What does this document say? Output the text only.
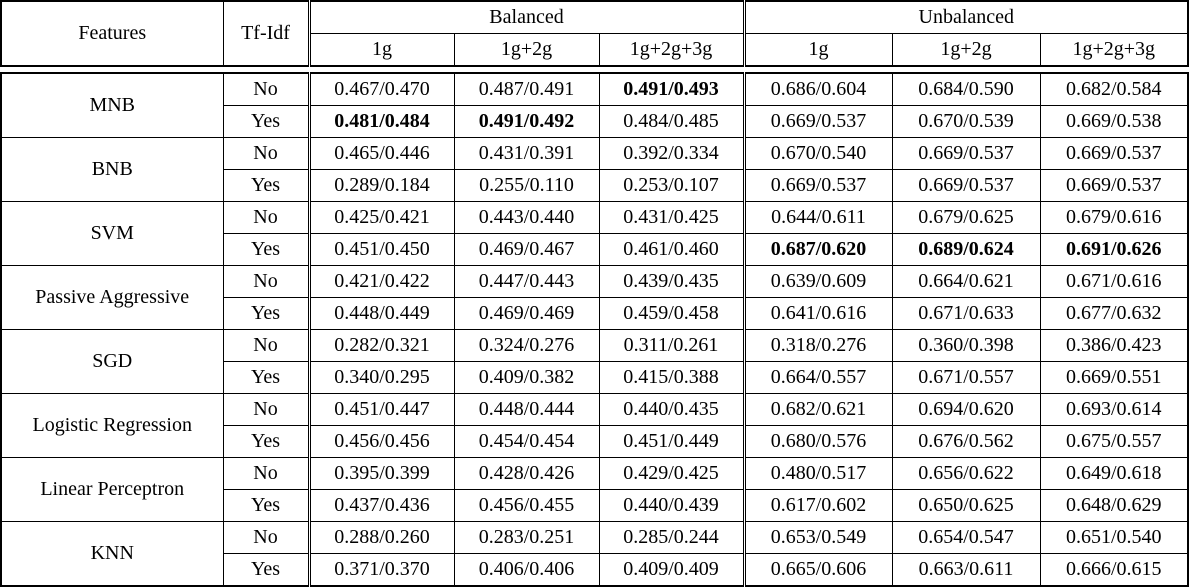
Features	Tf-Idf	Balanced			Unbalanced		
		1g	1g+2g	1g+2g+3g	1g	1g+2g	1g+2g+3g
MNB	No	0.467/0.470	0.487/0.491	0.491/0.493	0.686/0.604	0.684/0.590	0.682/0.584
	Yes	0.481/0.484	0.491/0.492	0.484/0.485	0.669/0.537	0.670/0.539	0.669/0.538
BNB	No	0.465/0.446	0.431/0.391	0.392/0.334	0.670/0.540	0.669/0.537	0.669/0.537
	Yes	0.289/0.184	0.255/0.110	0.253/0.107	0.669/0.537	0.669/0.537	0.669/0.537
SVM	No	0.425/0.421	0.443/0.440	0.431/0.425	0.644/0.611	0.679/0.625	0.679/0.616
	Yes	0.451/0.450	0.469/0.467	0.461/0.460	0.687/0.620	0.689/0.624	0.691/0.626
Passive Aggressive	No	0.421/0.422	0.447/0.443	0.439/0.435	0.639/0.609	0.664/0.621	0.671/0.616
	Yes	0.448/0.449	0.469/0.469	0.459/0.458	0.641/0.616	0.671/0.633	0.677/0.632
SGD	No	0.282/0.321	0.324/0.276	0.311/0.261	0.318/0.276	0.360/0.398	0.386/0.423
	Yes	0.340/0.295	0.409/0.382	0.415/0.388	0.664/0.557	0.671/0.557	0.669/0.551
Logistic Regression	No	0.451/0.447	0.448/0.444	0.440/0.435	0.682/0.621	0.694/0.620	0.693/0.614
	Yes	0.456/0.456	0.454/0.454	0.451/0.449	0.680/0.576	0.676/0.562	0.675/0.557
Linear Perceptron	No	0.395/0.399	0.428/0.426	0.429/0.425	0.480/0.517	0.656/0.622	0.649/0.618
	Yes	0.437/0.436	0.456/0.455	0.440/0.439	0.617/0.602	0.650/0.625	0.648/0.629
KNN	No	0.288/0.260	0.283/0.251	0.285/0.244	0.653/0.549	0.654/0.547	0.651/0.540
	Yes	0.371/0.370	0.406/0.406	0.409/0.409	0.665/0.606	0.663/0.611	0.666/0.615
